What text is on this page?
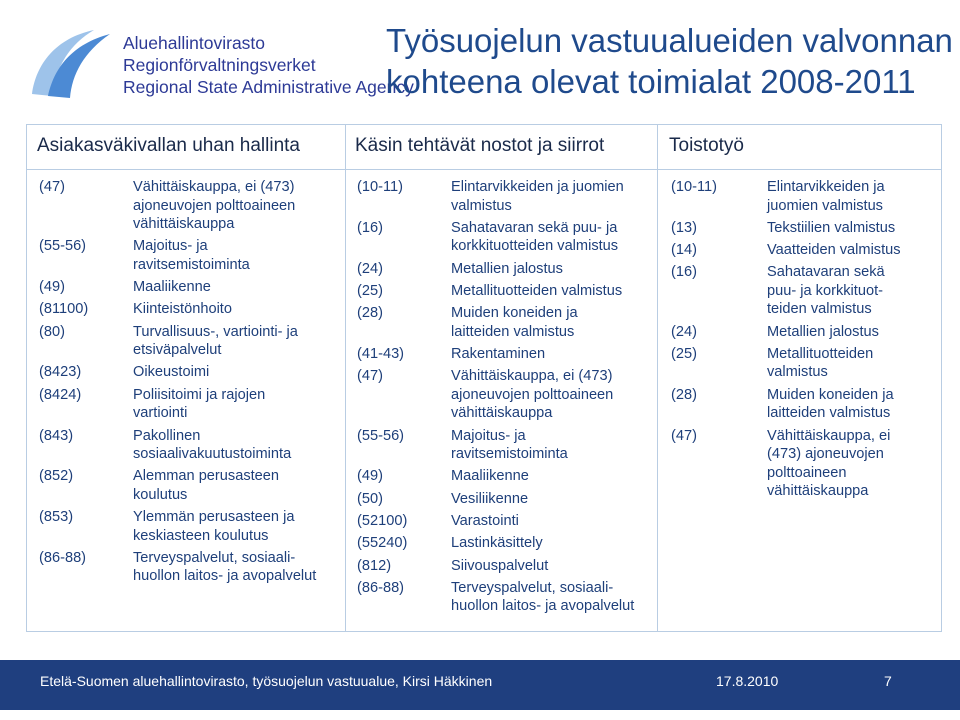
Aluehallintovirasto
Regionförvaltningsverket
Regional State Administrative Agency
Työsuojelun vastuualueiden valvonnan
kohteena olevat toimialat 2008-2011
Asiakasväkivallan uhan hallinta	Käsin tehtävät nostot ja siirrot	Toistotyö
(47)	Vähittäiskauppa, ei (473)
ajoneuvojen polttoaineen
vähittäiskauppa
(55-56)	Majoitus- ja
ravitsemistoiminta
(49)	Maaliikenne
(81100)	Kiinteistönhoito
(80)	Turvallisuus-, vartiointi- ja
etsiväpalvelut
(8423)	Oikeustoimi
(8424)	Poliisitoimi ja rajojen
vartiointi
(843)	Pakollinen
sosiaalivakuutustoiminta
(852)	Alemman perusasteen
koulutus
(853)	Ylemmän perusasteen ja
keskiasteen koulutus
(86-88)	Terveyspalvelut, sosiaali-
huollon laitos- ja avopalvelut
(10-11)	Elintarvikkeiden ja juomien
valmistus
(16)	Sahatavaran sekä puu- ja
korkkituotteiden valmistus
(24)	Metallien jalostus
(25)	Metallituotteiden valmistus
(28)	Muiden koneiden ja
laitteiden valmistus
(41-43)	Rakentaminen
(47)	Vähittäiskauppa, ei (473)
ajoneuvojen polttoaineen
vähittäiskauppa
(55-56)	Majoitus- ja
ravitsemistoiminta
(49)	Maaliikenne
(50)	Vesiliikenne
(52100)	Varastointi
(55240)	Lastinkäsittely
(812)	Siivouspalvelut
(86-88)	Terveyspalvelut, sosiaali-
huollon laitos- ja avopalvelut
(10-11)	Elintarvikkeiden ja
juomien valmistus
(13)	Tekstiilien valmistus
(14)	Vaatteiden valmistus
(16)	Sahatavaran sekä
puu- ja korkkituot-
teiden valmistus
(24)	Metallien jalostus
(25)	Metallituotteiden
valmistus
(28)	Muiden koneiden ja
laitteiden valmistus
(47)	Vähittäiskauppa, ei
(473) ajoneuvojen
polttoaineen
vähittäiskauppa
Etelä-Suomen aluehallintovirasto, työsuojelun vastuualue, Kirsi Häkkinen	17.8.2010	7
